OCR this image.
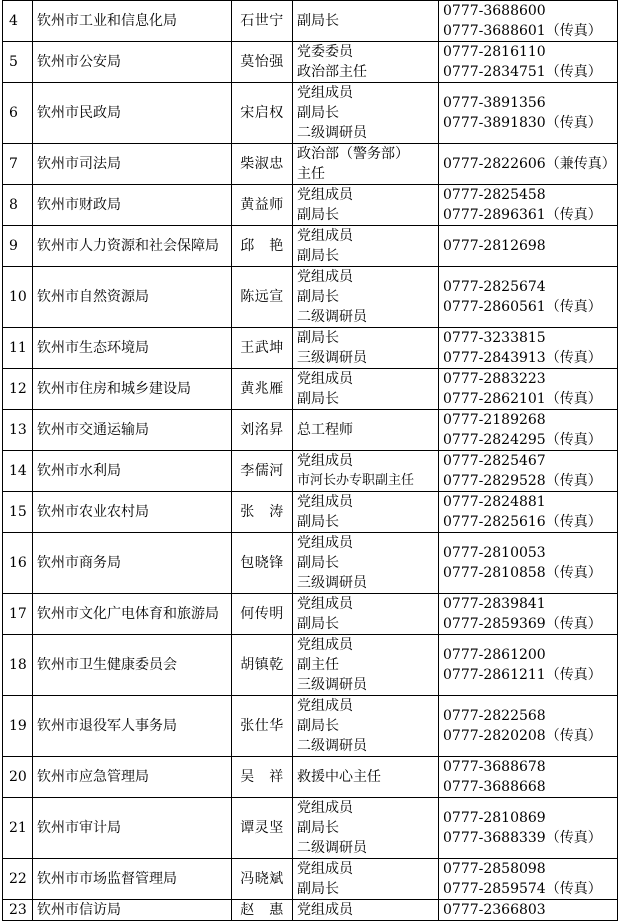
4	钦州市工业和信息化局	石世宁	副局长	0777-3688600
0777-3688601（传真）

5	钦州市公安局	莫怡强	党委委员
政治部主任	0777-2816110
0777-2834751（传真）

6	钦州市民政局	宋启权	党组成员
副局长
二级调研员	0777-3891356
0777-3891830（传真）

7	钦州市司法局	柴淑忠	政治部（警务部）
主任	0777-2822606（兼传真）

8	钦州市财政局	黄益师	党组成员
副局长	0777-2825458
0777-2896361（传真）

9	钦州市人力资源和社会保障局	邱　艳	党组成员
副局长	0777-2812698

10	钦州市自然资源局	陈远宣	党组成员
副局长
二级调研员	0777-2825674
0777-2860561（传真）

11	钦州市生态环境局	王武坤	副局长
三级调研员	0777-3233815
0777-2843913（传真）

12	钦州市住房和城乡建设局	黄兆雁	党组成员
副局长	0777-2883223
0777-2862101（传真）

13	钦州市交通运输局	刘洺昇	总工程师	0777-2189268
0777-2824295（传真）

14	钦州市水利局	李儒河	党组成员
市河长办专职副主任	0777-2825467
0777-2829528（传真）

15	钦州市农业农村局	张　涛	党组成员
副局长	0777-2824881
0777-2825616（传真）

16	钦州市商务局	包晓锋	党组成员
副局长
三级调研员	0777-2810053
0777-2810858（传真）

17	钦州市文化广电体育和旅游局	何传明	党组成员
副局长	0777-2839841
0777-2859369（传真）

18	钦州市卫生健康委员会	胡镇乾	党组成员
副主任
三级调研员	0777-2861200
0777-2861211（传真）

19	钦州市退役军人事务局	张仕华	党组成员
副局长
二级调研员	0777-2822568
0777-2820208（传真）

20	钦州市应急管理局	吴　祥	救援中心主任	0777-3688678
0777-3688668

21	钦州市审计局	谭灵坚	党组成员
副局长
二级调研员	0777-2810869
0777-3688339（传真）

22	钦州市市场监督管理局	冯晓斌	党组成员
副局长	0777-2858098
0777-2859574（传真）

23	钦州市信访局	赵　惠	党组成员	0777-2366803
